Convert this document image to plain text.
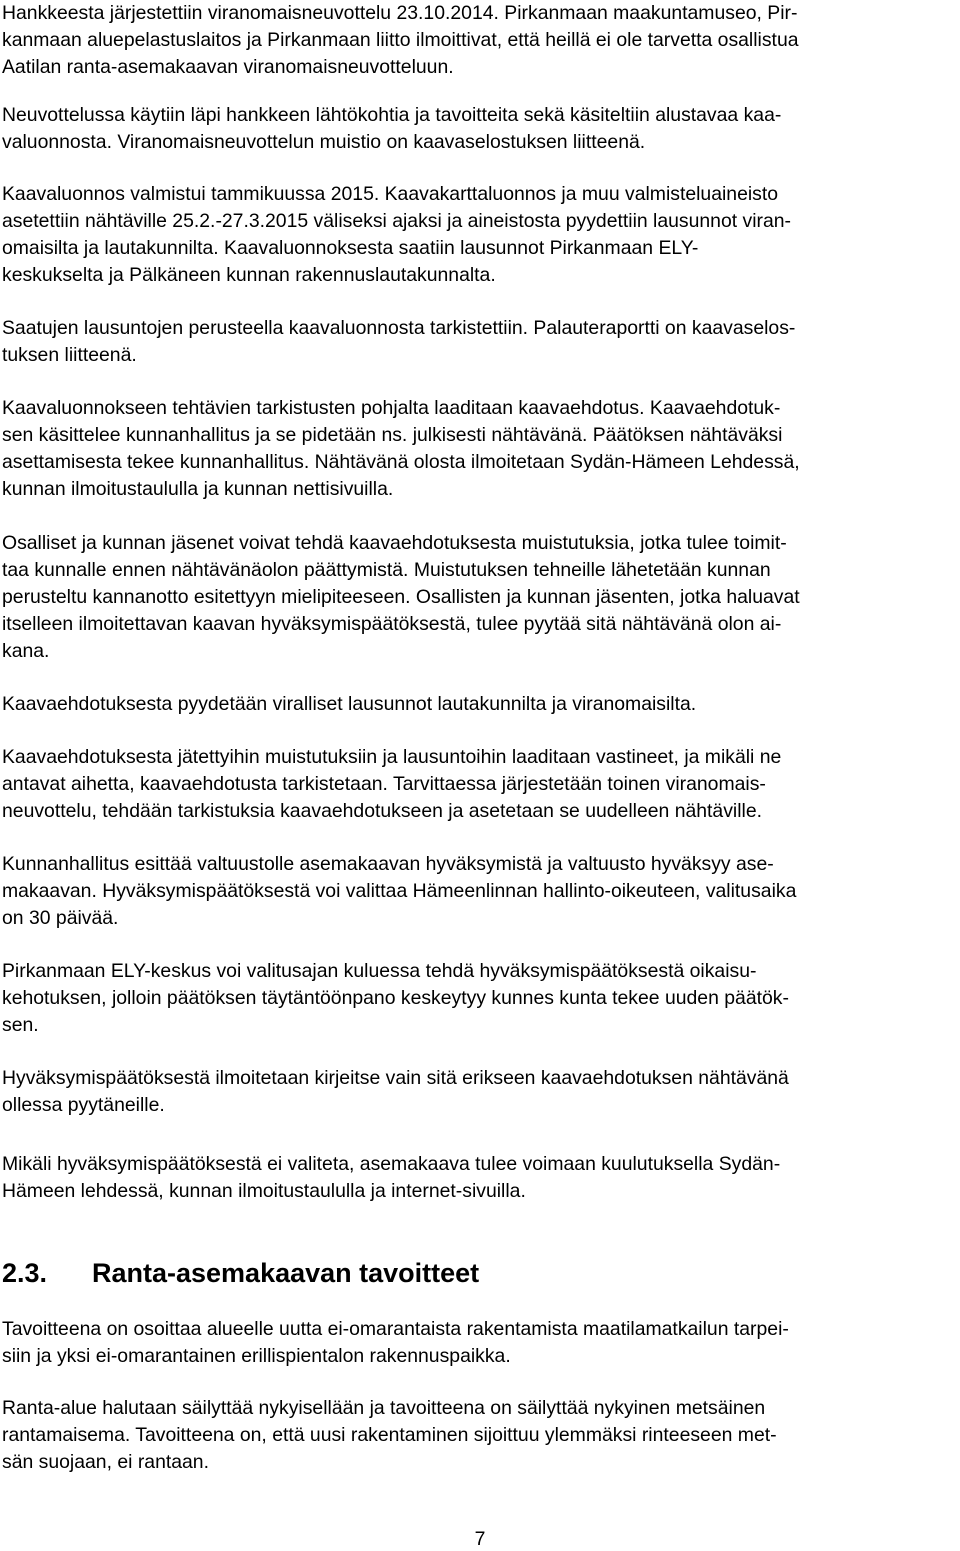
Hankkeesta järjestettiin viranomaisneuvottelu 23.10.2014. Pirkanmaan maakuntamuseo, Pir-
kanmaan aluepelastuslaitos ja Pirkanmaan liitto ilmoittivat, että heillä ei ole tarvetta osallistua
Aatilan ranta-asemakaavan viranomaisneuvotteluun.

Neuvottelussa käytiin läpi hankkeen lähtökohtia ja tavoitteita sekä käsiteltiin alustavaa kaa-
valuonnosta. Viranomaisneuvottelun muistio on kaavaselostuksen liitteenä.

Kaavaluonnos valmistui tammikuussa 2015. Kaavakarttaluonnos ja muu valmisteluaineisto
asetettiin nähtäville 25.2.-27.3.2015 väliseksi ajaksi ja aineistosta pyydettiin lausunnot viran-
omaisilta ja lautakunnilta. Kaavaluonnoksesta saatiin lausunnot Pirkanmaan ELY-
keskukselta ja Pälkäneen kunnan rakennuslautakunnalta.

Saatujen lausuntojen perusteella kaavaluonnosta tarkistettiin. Palauteraportti on kaavaselos-
tuksen liitteenä.

Kaavaluonnokseen tehtävien tarkistusten pohjalta laaditaan kaavaehdotus. Kaavaehdotuk-
sen käsittelee kunnanhallitus ja se pidetään ns. julkisesti nähtävänä. Päätöksen nähtäväksi
asettamisesta tekee kunnanhallitus. Nähtävänä olosta ilmoitetaan Sydän-Hämeen Lehdessä,
kunnan ilmoitustaululla ja kunnan nettisivuilla.

Osalliset ja kunnan jäsenet voivat tehdä kaavaehdotuksesta muistutuksia, jotka tulee toimit-
taa kunnalle ennen nähtävänäolon päättymistä. Muistutuksen tehneille lähetetään kunnan
perusteltu kannanotto esitettyyn mielipiteeseen. Osallisten ja kunnan jäsenten, jotka haluavat
itselleen ilmoitettavan kaavan hyväksymispäätöksestä, tulee pyytää sitä nähtävänä olon ai-
kana.

Kaavaehdotuksesta pyydetään viralliset lausunnot lautakunnilta ja viranomaisilta.

Kaavaehdotuksesta jätettyihin muistutuksiin ja lausuntoihin laaditaan vastineet, ja mikäli ne
antavat aihetta, kaavaehdotusta tarkistetaan. Tarvittaessa järjestetään toinen viranomais-
neuvottelu, tehdään tarkistuksia kaavaehdotukseen ja asetetaan se uudelleen nähtäville.

Kunnanhallitus esittää valtuustolle asemakaavan hyväksymistä ja valtuusto hyväksyy ase-
makaavan. Hyväksymispäätöksestä voi valittaa Hämeenlinnan hallinto-oikeuteen, valitusaika
on 30 päivää.

Pirkanmaan ELY-keskus voi valitusajan kuluessa tehdä hyväksymispäätöksestä oikaisu-
kehotuksen, jolloin päätöksen täytäntöönpano keskeytyy kunnes kunta tekee uuden päätök-
sen.

Hyväksymispäätöksestä ilmoitetaan kirjeitse vain sitä erikseen kaavaehdotuksen nähtävänä
ollessa pyytäneille.

Mikäli hyväksymispäätöksestä ei valiteta, asemakaava tulee voimaan kuulutuksella Sydän-
Hämeen lehdessä, kunnan ilmoitustaululla ja internet-sivuilla.

2.3. Ranta-asemakaavan tavoitteet

Tavoitteena on osoittaa alueelle uutta ei-omarantaista rakentamista maatilamatkailun tarpei-
siin ja yksi ei-omarantainen erillispientalon rakennuspaikka.

Ranta-alue halutaan säilyttää nykyisellään ja tavoitteena on säilyttää nykyinen metsäinen
rantamaisema. Tavoitteena on, että uusi rakentaminen sijoittuu ylemmäksi rinteeseen met-
sän suojaan, ei rantaan.

7
